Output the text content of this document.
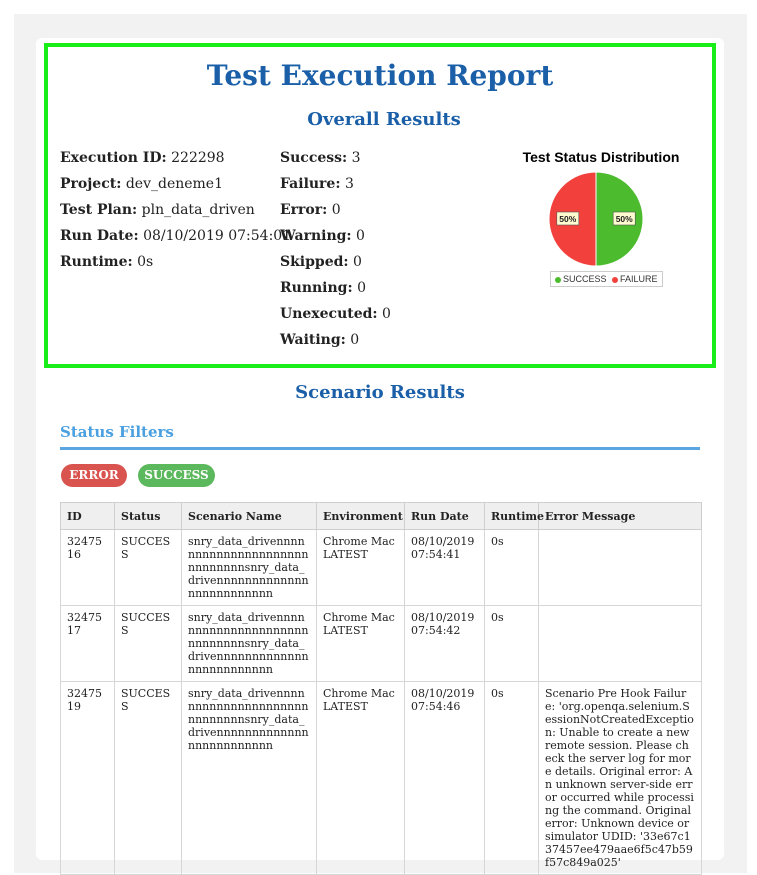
Test Execution Report
Overall Results
Execution ID: 222298
Project: dev_deneme1
Test Plan: pln_data_driven
Run Date: 08/10/2019 07:54:01
Runtime: 0s
Success: 3
Failure: 3
Error: 0
Warning: 0
Skipped: 0
Running: 0
Unexecuted: 0
Waiting: 0
Test Status Distribution
50%
50%
SUCCESS FAILURE
Scenario Results
Status Filters
ERROR	SUCCESS
ID	Status	Scenario Name	Environment	Run Date	Runtime	Error Message
3247516	SUCCESS	snry_data_drivennnnnnnnnnnnnnnnnnnnnnnnnnnnnsnry_data_drivennnnnnnnnnnnnnnnnnnnnnnnn	Chrome Mac LATEST	08/10/2019 07:54:41	0s	
3247517	SUCCESS	snry_data_drivennnnnnnnnnnnnnnnnnnnnnnnnnnnnsnry_data_drivennnnnnnnnnnnnnnnnnnnnnnnn	Chrome Mac LATEST	08/10/2019 07:54:42	0s	
3247519	SUCCESS	snry_data_drivennnnnnnnnnnnnnnnnnnnnnnnnnnnnsnry_data_drivennnnnnnnnnnnnnnnnnnnnnnnn	Chrome Mac LATEST	08/10/2019 07:54:46	0s	Scenario Pre Hook Failure: 'org.openqa.selenium.SessionNotCreatedException: Unable to create a new remote session. Please check the server log for more details. Original error: An unknown server-side error occurred while processing the command. Original error: Unknown device or simulator UDID: '33e67c137457ee479aae6f5c47b59f57c849a025'
